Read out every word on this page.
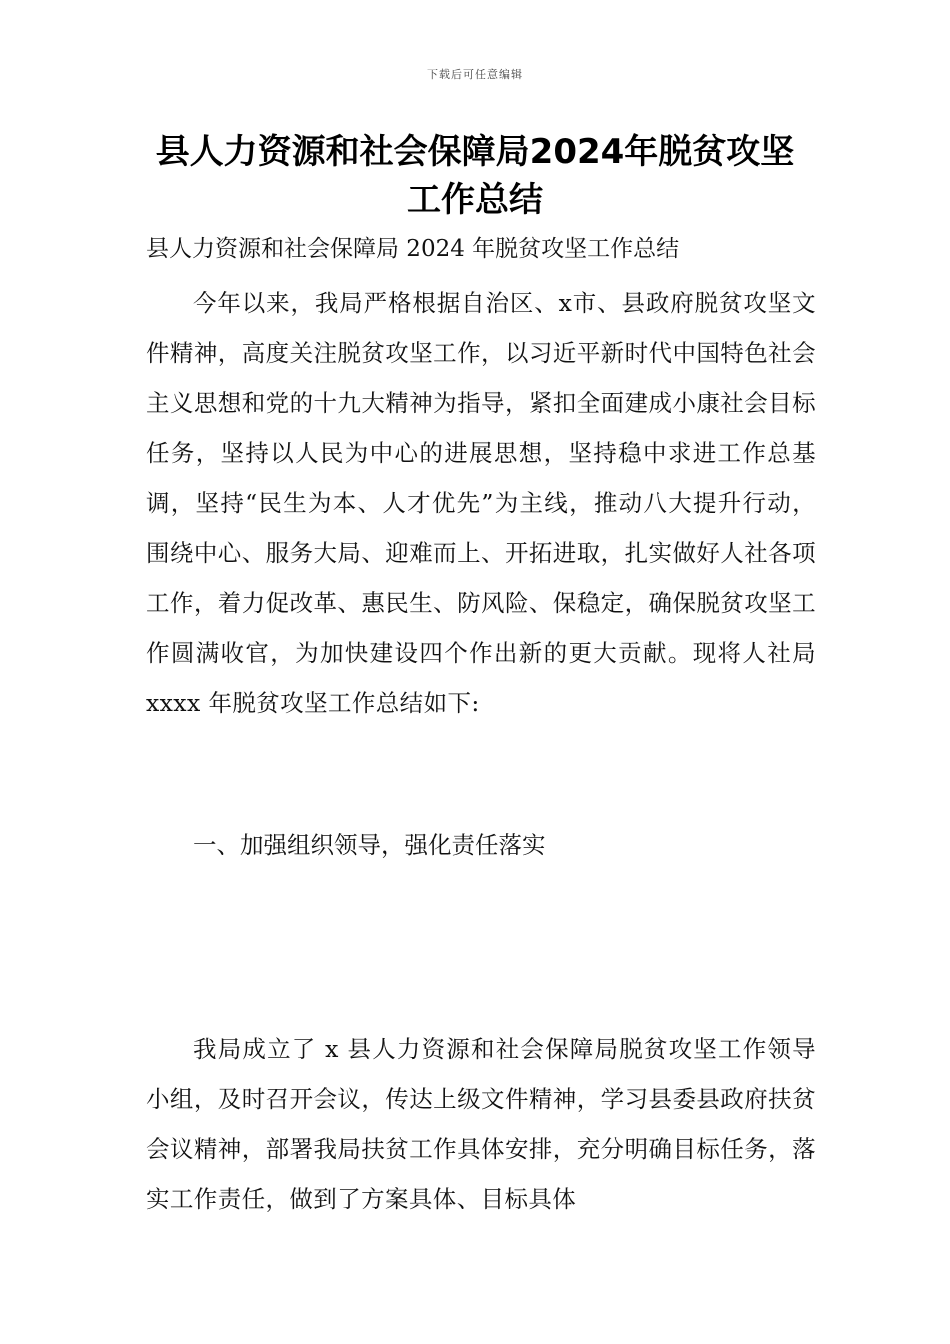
下载后可任意编辑
县人力资源和社会保障局2024年脱贫攻坚工作总结
县人力资源和社会保障局 2024 年脱贫攻坚工作总结

今年以来，我局严格根据自治区、x市、县政府脱贫攻坚文件精神，高度关注脱贫攻坚工作，以习近平新时代中国特色社会主义思想和党的十九大精神为指导，紧扣全面建成小康社会目标任务，坚持以人民为中心的进展思想，坚持稳中求进工作总基调，坚持“民生为本、人才优先”为主线，推动八大提升行动，围绕中心、服务大局、迎难而上、开拓进取，扎实做好人社各项工作，着力促改革、惠民生、防风险、保稳定，确保脱贫攻坚工作圆满收官，为加快建设四个作出新的更大贡献。现将人社局 xxxx 年脱贫攻坚工作总结如下:

一、加强组织领导，强化责任落实

我局成立了 x 县人力资源和社会保障局脱贫攻坚工作领导小组，及时召开会议，传达上级文件精神，学习县委县政府扶贫会议精神，部署我局扶贫工作具体安排，充分明确目标任务，落实工作责任，做到了方案具体、目标具体
